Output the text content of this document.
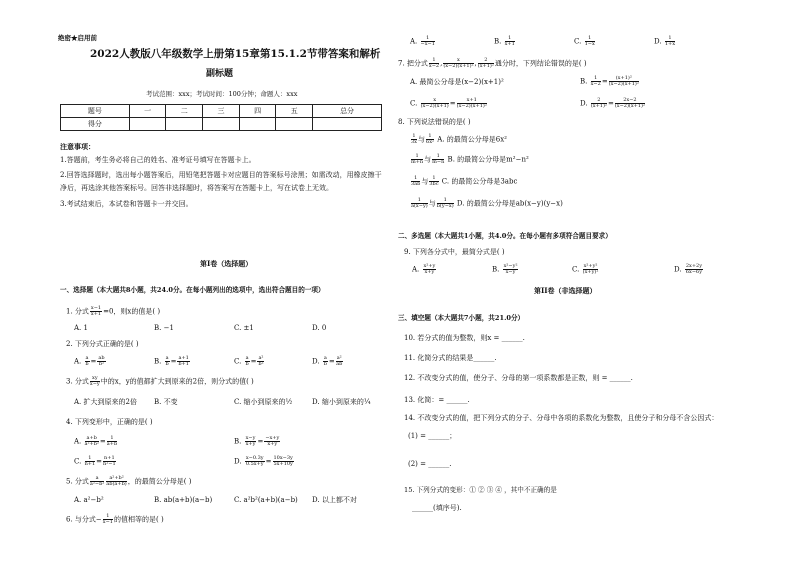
绝密★启用前
2022人教版八年级数学上册第15章第15.1.2节带答案和解析
副标题
考试范围：xxx；考试时间：100分钟；命题人：xxx
题号	一	二	三	四	五	总分
得分						
注意事项：
1.答题前，考生务必将自己的姓名、准考证号填写在答题卡上。
2.回答选择题时，选出每小题答案后，用铅笔把答题卡对应题目的答案标号涂黑；如需改动，用橡皮擦干
净后，再选涂其他答案标号。回答非选择题时，将答案写在答题卡上，写在试卷上无效。
3.考试结束后，本试卷和答题卡一并交回。
第I卷（选择题）
一、选择题（本大题共8小题，共24.0分。在每小题列出的选项中，选出符合题目的一项）
1. 分式 $\frac{x-1}{x+1} =0$，则x的值是( )
A. 1	B. −1	C. ±1	D. 0
2. 下列分式正确的是( )
A. $\frac{a}{b} = \frac{ab}{\text{b²}}$	B. $\frac{a}{b} = \frac{a+1}{b+1}$	C. $\frac{a}{b} = \frac{\text{a²}}{\text{b²}}$	D. $\frac{a}{b} = \frac{\text{a²}}{ab}$
3. 分式 $\frac{xy}{x-y}$ 中的x，y的值都扩大到原来的2倍，则分式的值( )
A. 扩大到原来的2倍 B. 不变	C. 缩小到原来的½	D. 缩小到原来的¼
4. 下列变形中，正确的是( )
A. $\frac{a+b}{\text{a²+b²}} = \frac{1}{a+b}$	B. $\frac{x-y}{x+y} = \frac{-x+y}{x+y}$
C. $\frac{1}{n+1} = \frac{n+1}{\text{n²−1}}$	D. $\frac{x-0.3y}{0.5x+y} = \frac{10x-3y}{5x+10y}$
5. 分式 $\frac{a}{\text{a²−b²}} \frac{\text{a²+b²}}{ab(a+b)}$ ，的最简公分母是( )
A. a²−b²	B. ab(a+b)(a−b)	C. a²b²(a+b)(a−b) D. 以上都不对
6. 与分式− $\frac{1}{x-1}$ 的值相等的是( )
A. $\frac{1}{-x-1}$	B. $\frac{1}{x+1}$	C. $\frac{1}{1-x}$	D. $\frac{1}{1+x}$
7. 把分式 $\frac{1}{x-2}$ , $\frac{x}{\text{(x−2)(x+1)²}}$ , $\frac{2}{\text{(x+1)²}}$ 通分时，下列结论错误的是( )
A. 最简公分母是(x−2)(x+1)²	B. $\frac{1}{x-2} = \frac{\text{(x+1)²}}{\text{(x−2)(x+1)²}}$
C. $\frac{x}{(x-2)(x+1)} = \frac{x+1}{\text{(x−2)(x+1)²}}$	D. $\frac{2}{\text{(x+1)²}} = \frac{2x-2}{\text{(x−2)(x+1)²}}$
8. 下列说法错误的是( )
$\frac{1}{3x}$ 与 $\frac{1}{\text{6x²}} A$. 的最简公分母是6x²
$\frac{1}{m+n}$ 与 $\frac{1}{m-n} B$. 的最简公分母是m²−n²
$\frac{1}{3ab}$ 与 $\frac{1}{3bc} C$. 的最简公分母是3abc
$\frac{1}{a(x-y)}$ 与 $\frac{1}{b(y-x)} D$. 的最简公分母是ab(x−y)(y−x)
二、多选题（本大题共1小题，共4.0分。在每小题有多项符合题目要求）
9. 下列各分式中，最简分式是( )
A. $\frac{\text{x²+y}}{x+y}$	B. $\frac{\text{x²−y²}}{x-y}$	C. $\frac{\text{x²+y²}}{\text{(x+y)²}}$	D. $\frac{2x+2y}{6x-6y}$
第II卷（非选择题）
三、填空题（本大题共7小题，共21.0分）
10. 若分式的值为整数，则x = ______.
11. 化简分式的结果是______.
12. 不改变分式的值，使分子、分母的第一项系数都是正数，则 = ______.
13. 化简：= ______.
14. 不改变分式的值，把下列分式的分子、分母中各项的系数化为整数，且使分子和分母不含公因式：
(1) = ______；
(2) = ______.
15. 下列分式的变形：① ② ③ ④ ，其中不正确的是
______(填序号).
